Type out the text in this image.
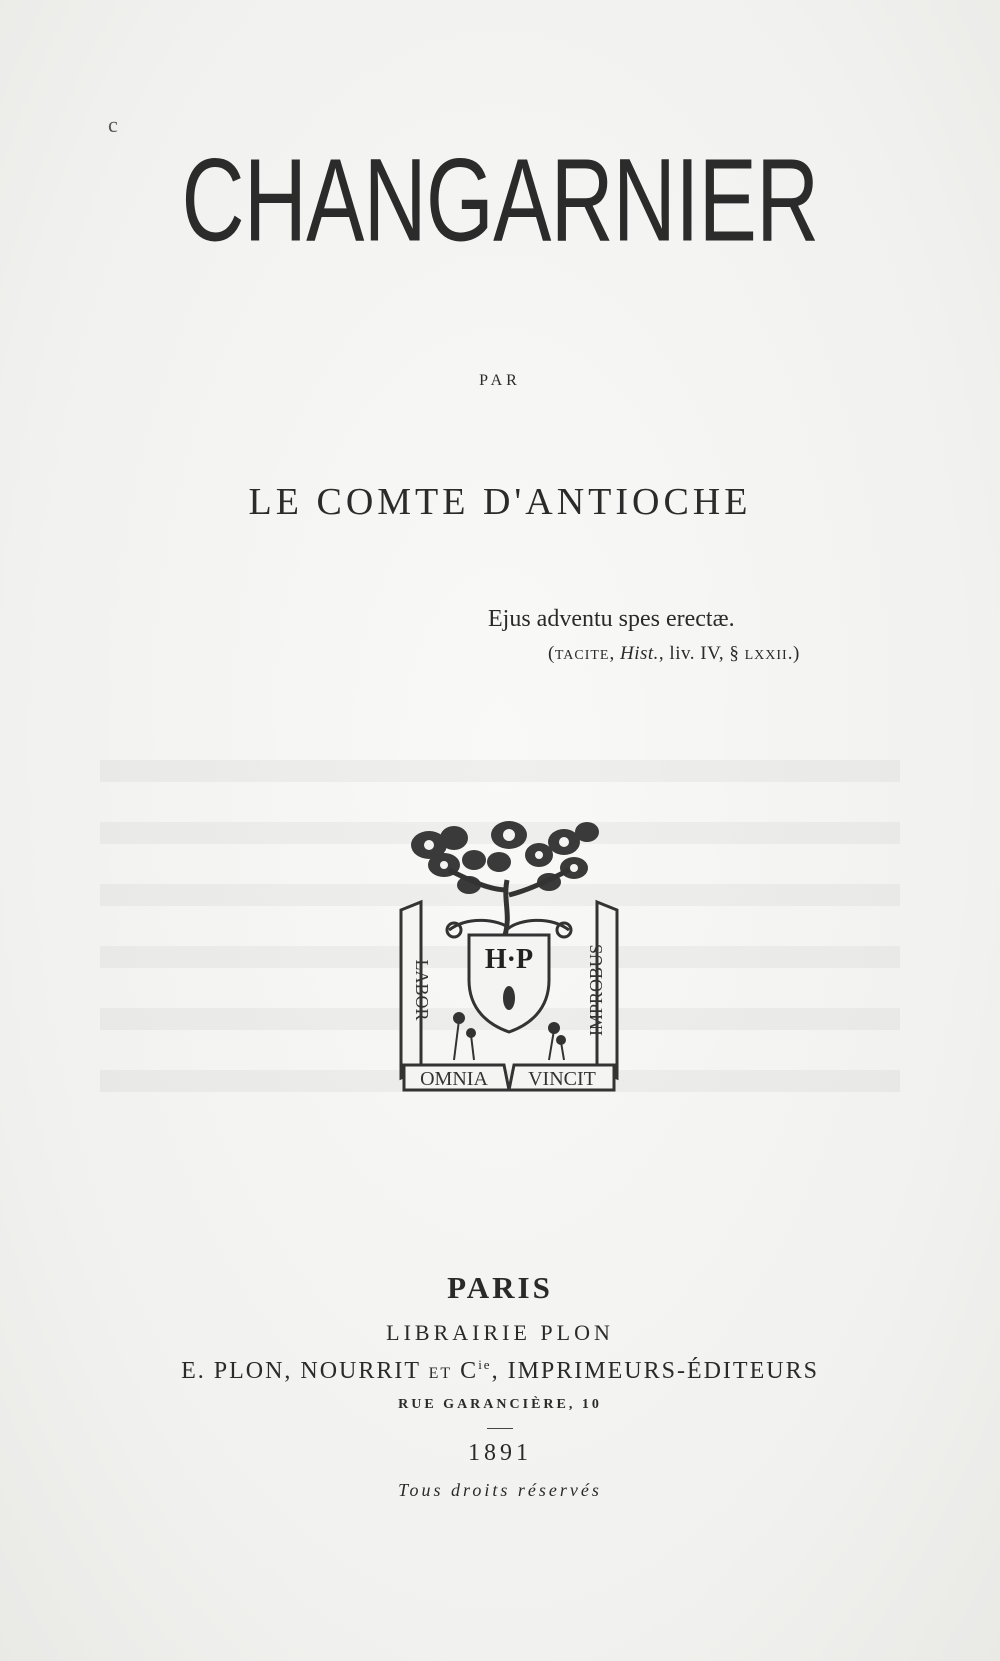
c
CHANGARNIER
PAR
LE COMTE D'ANTIOCHE
Ejus adventu spes erectæ.
(TACITE, Hist., liv. IV, § LXXII.)
LABOR	IMPROBUS
H·P
OMNIA VINCIT
PARIS
LIBRAIRIE PLON
E. PLON, NOURRIT ET $C^{ie}$, IMPRIMEURS-ÉDITEURS
RUE GARANCIÈRE, 10
1891
Tous droits réservés
